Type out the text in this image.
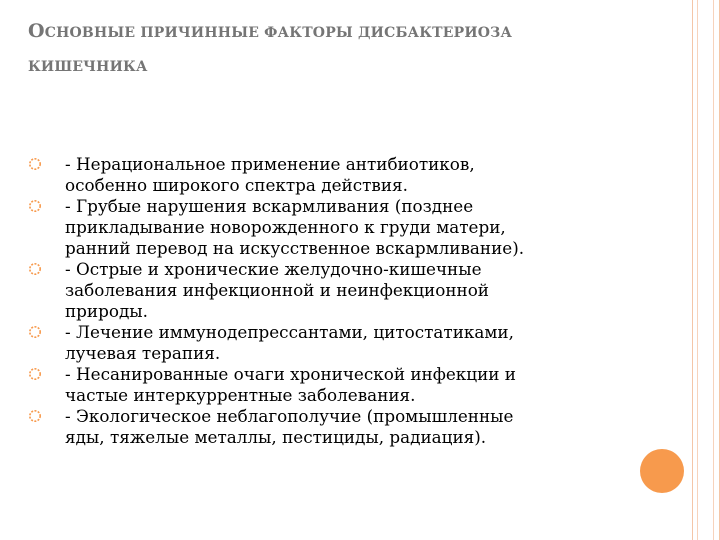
ОСНОВНЫЕ ПРИЧИННЫЕ ФАКТОРЫ ДИСБАКТЕРИОЗА
КИШЕЧНИКА
- Нерациональное применение антибиотиков,
особенно широкого спектра действия.
- Грубые нарушения вскармливания (позднее
прикладывание новорожденного к груди матери,
ранний перевод на искусственное вскармливание).
- Острые и хронические желудочно-кишечные
заболевания инфекционной и неинфекционной
природы.
- Лечение иммунодепрессантами, цитостатиками,
лучевая терапия.
- Несанированные очаги хронической инфекции и
частые интеркуррентные заболевания.
- Экологическое неблагополучие (промышленные
яды, тяжелые металлы, пестициды, радиация).
